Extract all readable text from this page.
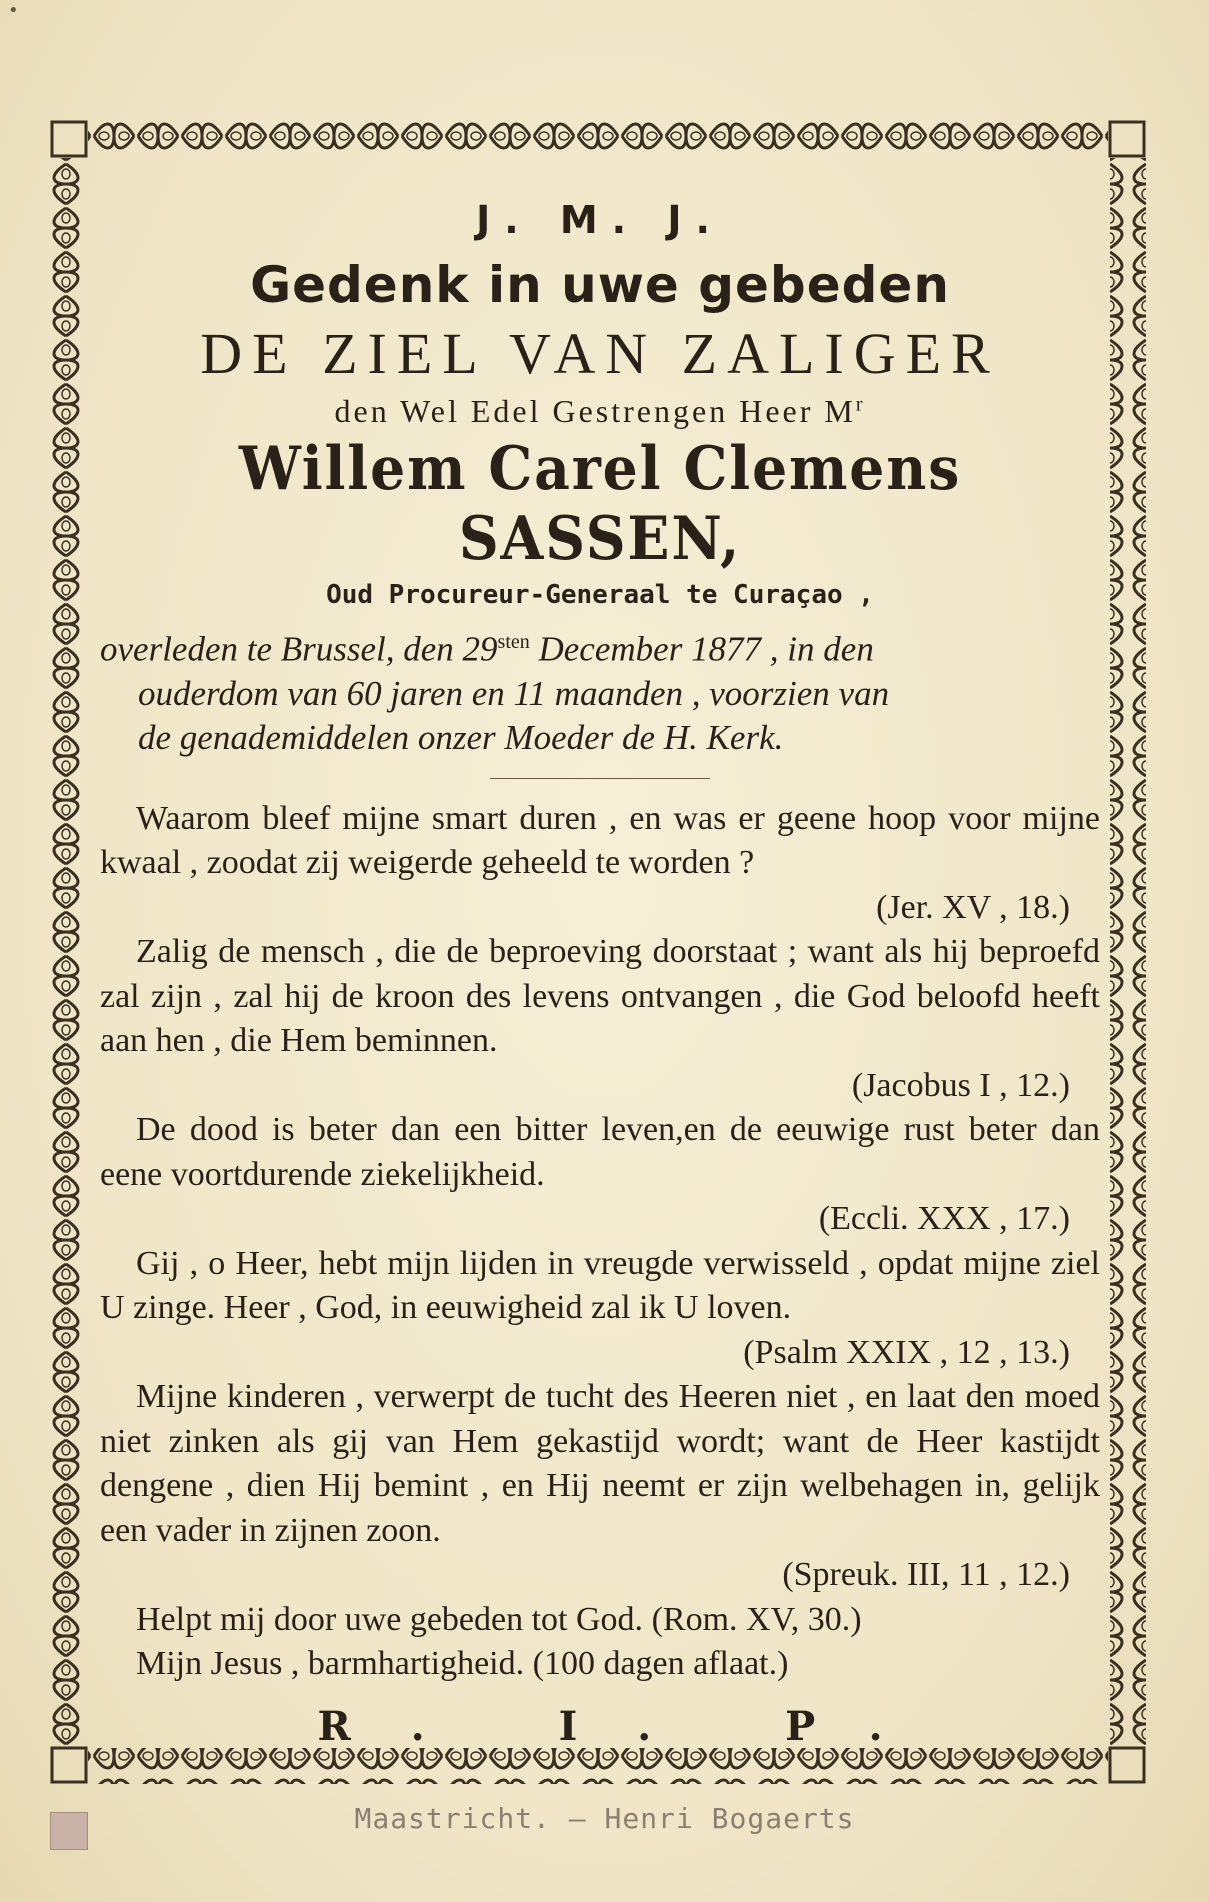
•
J. M. J.
Gedenk in uwe gebeden
DE ZIEL VAN ZALIGER
den Wel Edel Gestrengen Heer $M^r$
Willem Carel Clemens SASSEN,
Oud Procureur-Generaal te Curaçao ,
overleden te Brussel, den $29^{sten}$ December 1877 , in den
ouderdom van 60 jaren en 11 maanden , voorzien van
de genademiddelen onzer Moeder de H. Kerk.

Waarom bleef mijne smart duren , en was er geene hoop voor mijne kwaal , zoodat zij weigerde geheeld te worden ?
(Jer. XV , 18.)

Zalig de mensch , die de beproeving doorstaat ; want als hij beproefd zal zijn , zal hij de kroon des levens ontvangen , die God beloofd heeft aan hen , die Hem beminnen.
(Jacobus I , 12.)

De dood is beter dan een bitter leven,en de eeuwige rust beter dan eene voortdurende ziekelijkheid.
(Eccli. XXX , 17.)

Gij , o Heer, hebt mijn lijden in vreugde verwisseld , opdat mijne ziel U zinge. Heer , God, in eeuwigheid zal ik U loven.
(Psalm XXIX , 12 , 13.)

Mijne kinderen , verwerpt de tucht des Heeren niet , en laat den moed niet zinken als gij van Hem gekastijd wordt; want de Heer kastijdt dengene , dien Hij bemint , en Hij neemt er zijn welbehagen in, gelijk een vader in zijnen zoon.
(Spreuk. III, 11 , 12.)

Helpt mij door uwe gebeden tot God. (Rom. XV, 30.)

Mijn Jesus , barmhartigheid. (100 dagen aflaat.)

R. I. P.
Maastricht. — Henri Bogaerts
